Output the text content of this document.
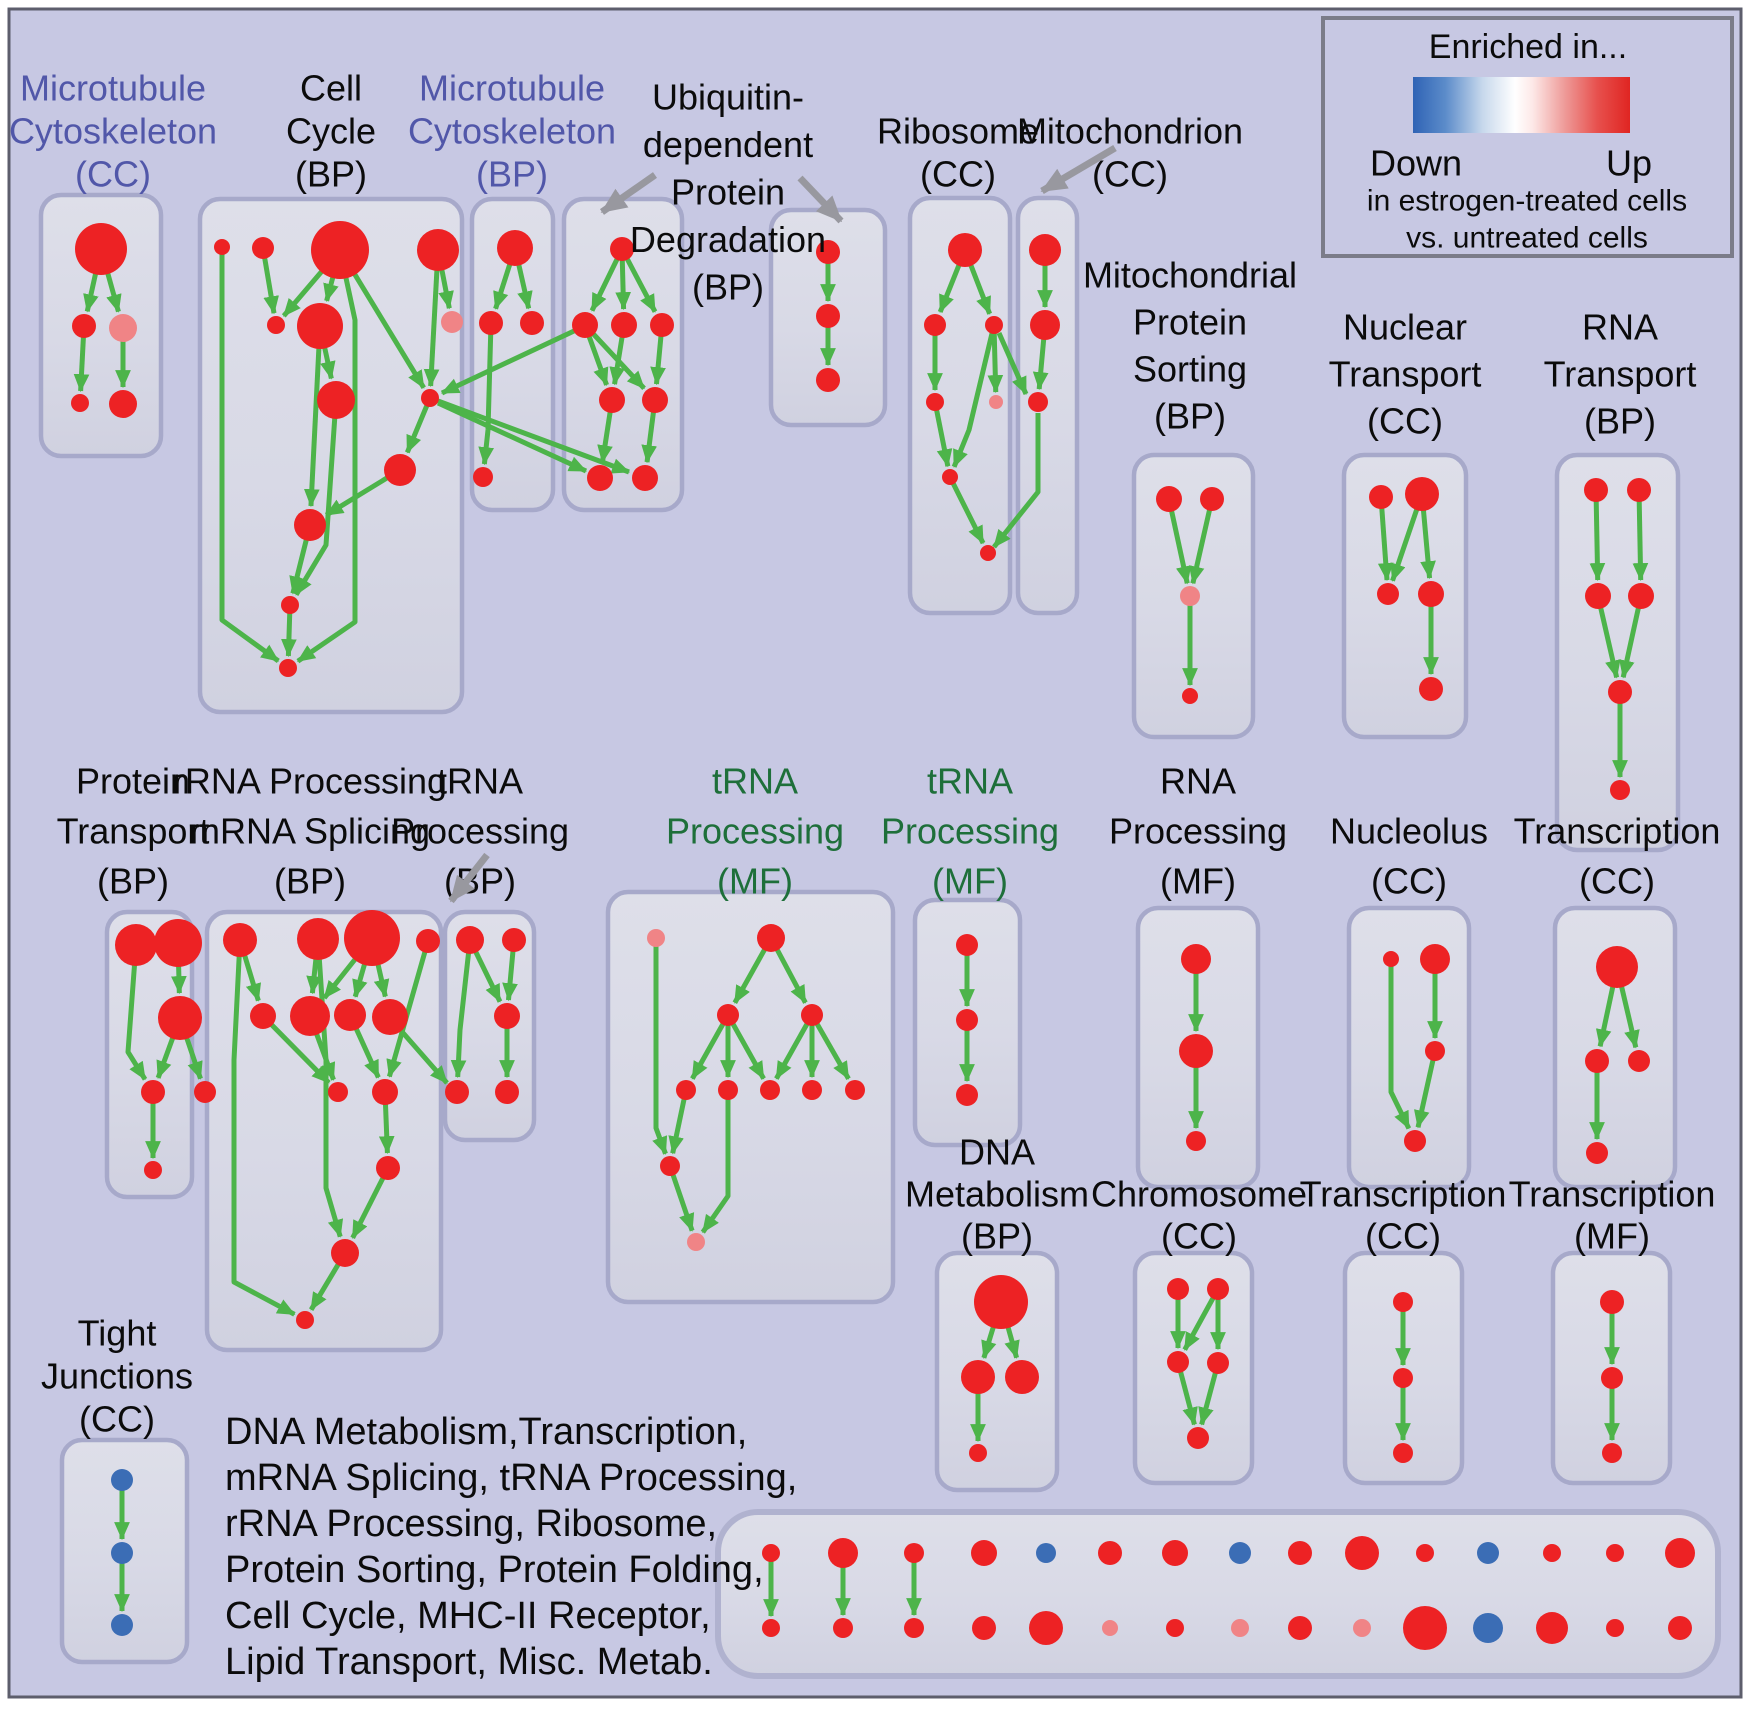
Microtubule
Cytoskeleton
(CC)
Cell
Cycle
(BP)
Microtubule
Cytoskeleton
(BP)
Ribosome
(CC)
Mitochondrion
(CC)
Mitochondrial
Protein
Sorting
(BP)
Nuclear
Transport
(CC)
RNA
Transport
(BP)
Protein
Transport
(BP)
rRNA Processing
mRNA Splicing
(BP)
tRNA
Processing
(BP)
tRNA
Processing
(MF)
tRNA
Processing
(MF)
RNA
Processing
(MF)
Nucleolus
(CC)
Transcription
(CC)
DNA
Metabolism
(BP)
Chromosome
(CC)
Transcription
(CC)
Transcription
(MF)
Tight
Junctions
(CC)
Ubiquitin-
dependent
Protein
Degradation
(BP)
Enriched in...
Down	Up
in estrogen-treated cells
vs. untreated cells
DNA Metabolism,Transcription,
mRNA Splicing, tRNA Processing,
rRNA Processing, Ribosome,
Protein Sorting, Protein Folding,
Cell Cycle, MHC-II Receptor,
Lipid Transport, Misc. Metab.
